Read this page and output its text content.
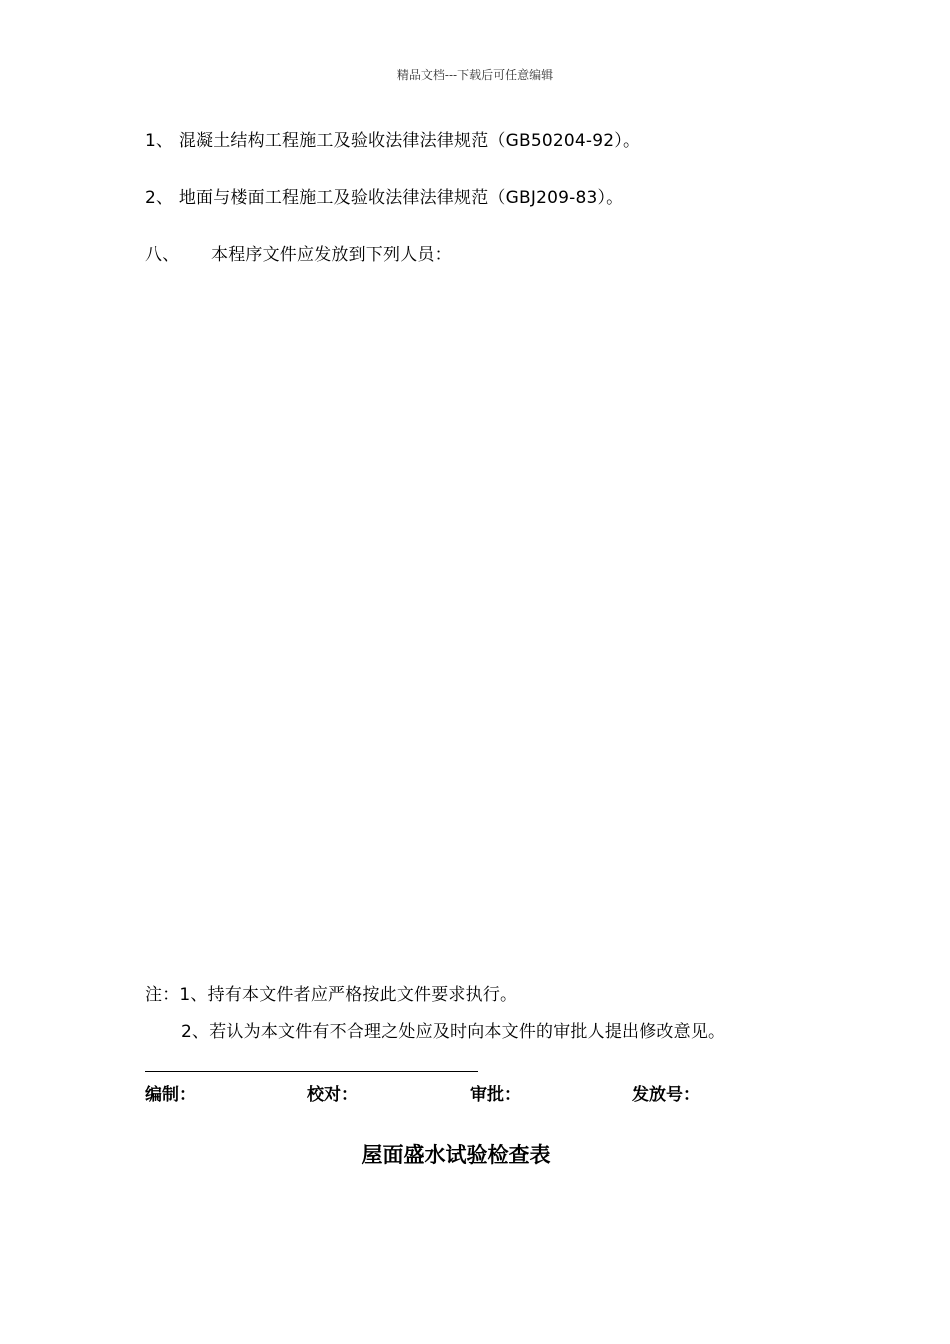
精品文档---下载后可任意编辑
1、 混凝土结构工程施工及验收法律法律规范（GB50204-92）。
2、 地面与楼面工程施工及验收法律法律规范（GBJ209-83）。
八、 本程序文件应发放到下列人员：
注：1、持有本文件者应严格按此文件要求执行。
2、若认为本文件有不合理之处应及时向本文件的审批人提出修改意见。
编制：	校对：	审批：	发放号：
屋面盛水试验检查表
